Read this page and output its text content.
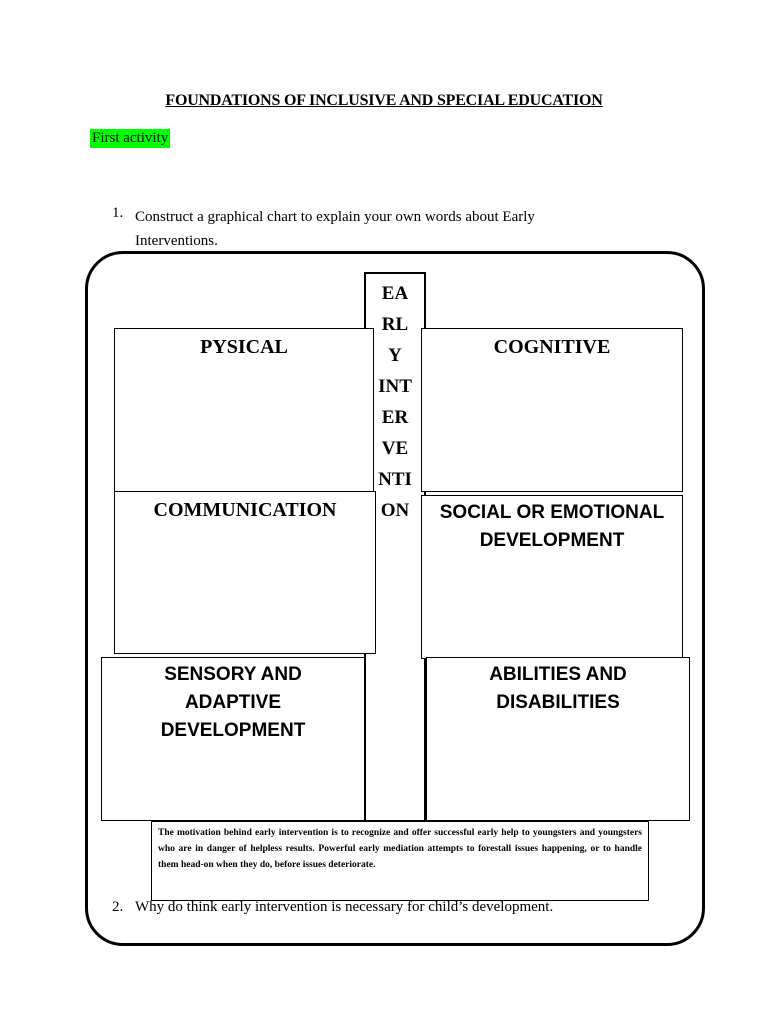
FOUNDATIONS OF INCLUSIVE AND SPECIAL EDUCATION
First activity
1. Construct a graphical chart to explain your own words about Early Interventions.
PYSICAL	COGNITIVE
COMMUNICATION	SOCIAL OR EMOTIONAL DEVELOPMENT
SENSORY AND ADAPTIVE DEVELOPMENT
ABILITIES AND DISABILITIES
EA
RL
Y
INT
ER
VE
NTI
ON
The motivation behind early intervention is to recognize and offer successful early help to youngsters and youngsters who are in danger of helpless results. Powerful early mediation attempts to forestall issues happening, or to handle them head-on when they do, before issues deteriorate.
2. Why do think early intervention is necessary for child’s development.
